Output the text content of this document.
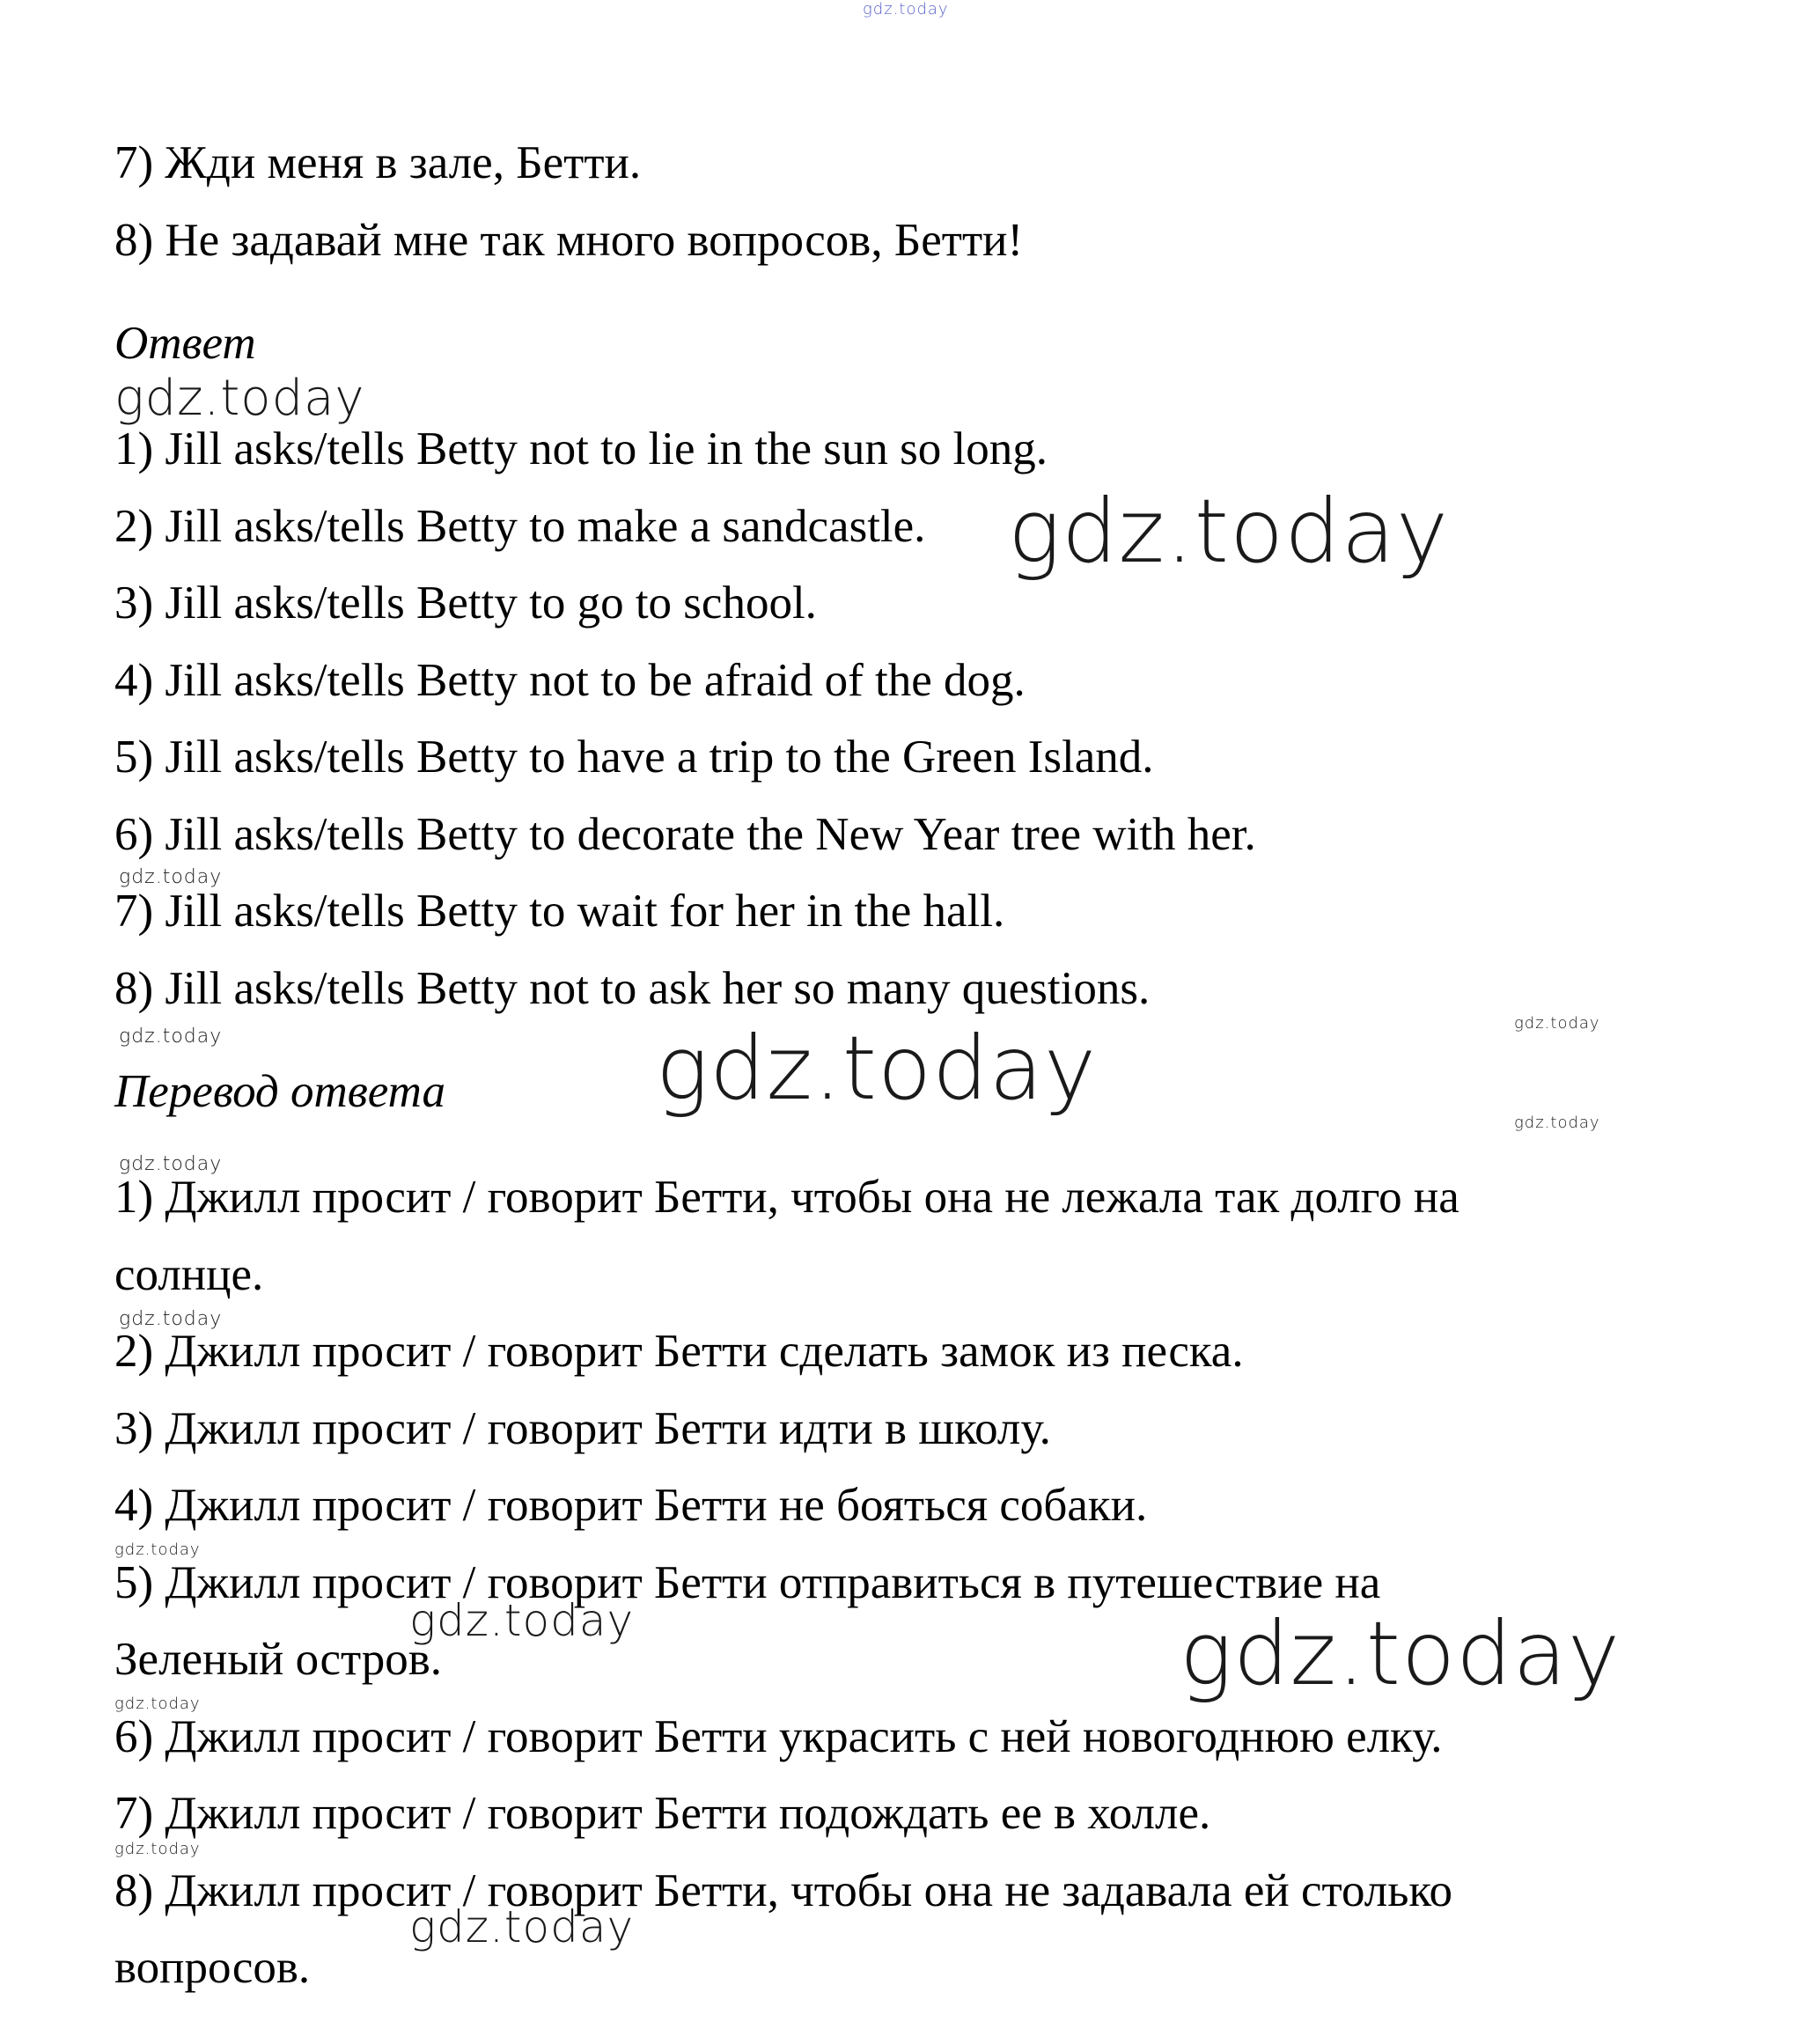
gdz.today
7) Жди меня в зале, Бетти.
8) Не задавай мне так много вопросов, Бетти!
Ответ
gdz.today
1) Jill asks/tells Betty not to lie in the sun so long.
2) Jill asks/tells Betty to make a sandcastle. gdz.today
3) Jill asks/tells Betty to go to school.
4) Jill asks/tells Betty not to be afraid of the dog.
5) Jill asks/tells Betty to have a trip to the Green Island.
6) Jill asks/tells Betty to decorate the New Year tree with her.
gdz.today
7) Jill asks/tells Betty to wait for her in the hall.
8) Jill asks/tells Betty not to ask her so many questions.
gdz.today
gdz.today	gdz.today
Перевод ответа
gdz.today
gdz.today
1) Джилл просит / говорит Бетти, чтобы она не лежала так долго на
солнце.
gdz.today
2) Джилл просит / говорит Бетти сделать замок из песка.
3) Джилл просит / говорит Бетти идти в школу.
4) Джилл просит / говорит Бетти не бояться собаки.
gdz.today
5) Джилл просит / говорит Бетти отправиться в путешествие на
gdz.today
Зеленый остров.	gdz.today
gdz.today
6) Джилл просит / говорит Бетти украсить с ней новогоднюю елку.
7) Джилл просит / говорит Бетти подождать ее в холле.
gdz.today
8) Джилл просит / говорит Бетти, чтобы она не задавала ей столько
gdz.today
вопросов.
